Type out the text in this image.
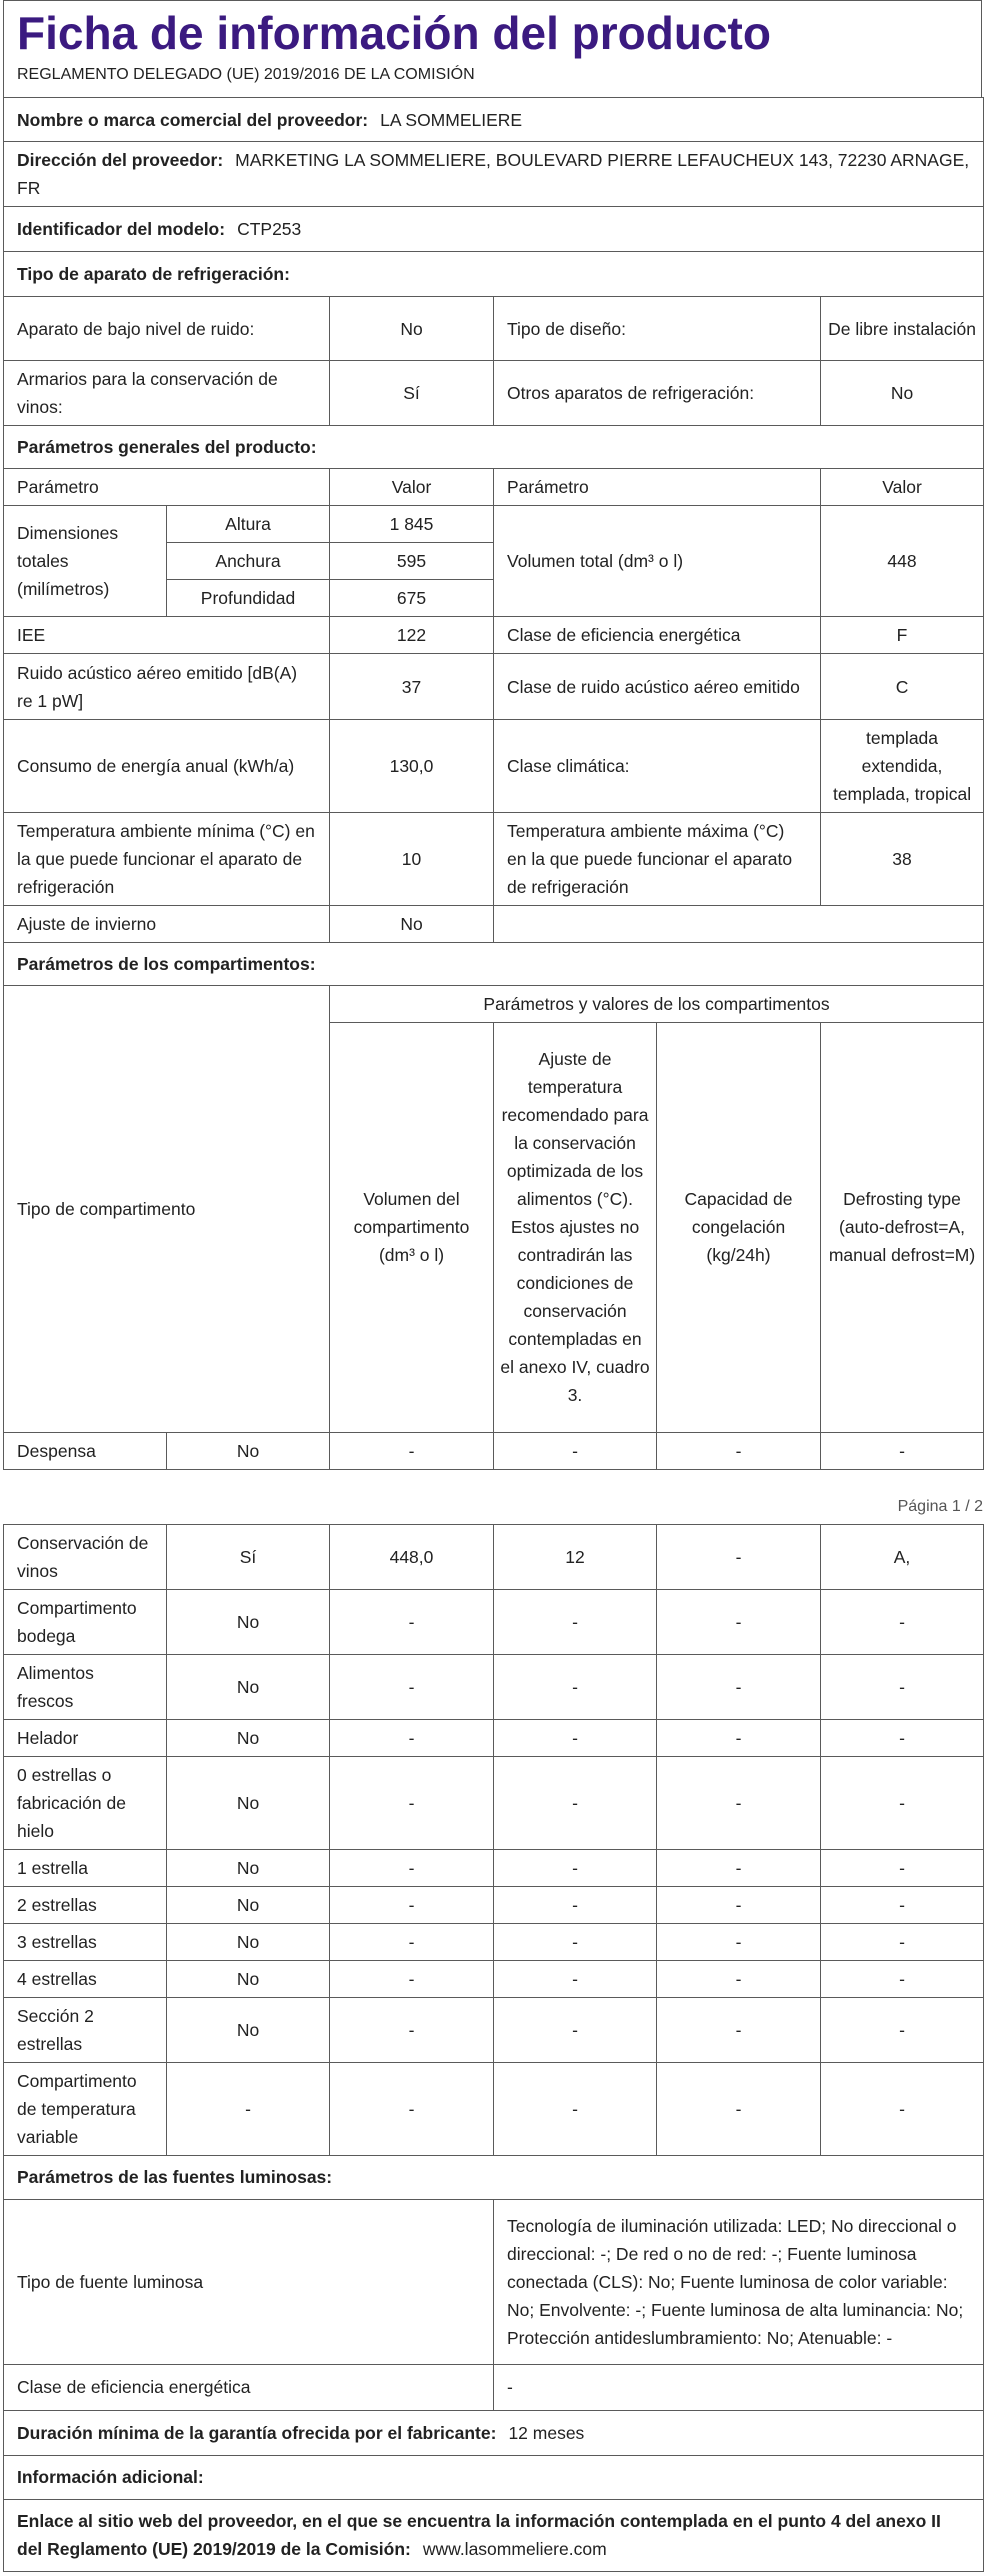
Ficha de información del producto
REGLAMENTO DELEGADO (UE) 2019/2016 DE LA COMISIÓN
Nombre o marca comercial del proveedor: LA SOMMELIERE				
Dirección del proveedor: MARKETING LA SOMMELIERE, BOULEVARD PIERRE LEFAUCHEUX 143, 72230 ARNAGE, FR				
Identificador del modelo: CTP253				
Tipo de aparato de refrigeración:				
Aparato de bajo nivel de ruido:		No	Tipo de diseño:	De libre instalación
Armarios para la conservación de vinos:		Sí	Otros aparatos de refrigeración:	No
Parámetros generales del producto:				
Parámetro		Valor	Parámetro	Valor
Dimensiones totales (milímetros)	Altura	1 845	Volumen total (dm³ o l)	448
	Anchura	595		
	Profundidad	675		
IEE		122	Clase de eficiencia energética	F
Ruido acústico aéreo emitido [dB(A) re 1 pW]		37	Clase de ruido acústico aéreo emitido	C
Consumo de energía anual (kWh/a)		130,0	Clase climática:	templada extendida, templada, tropical
Temperatura ambiente mínima (°C) en la que puede funcionar el aparato de refrigeración		10	Temperatura ambiente máxima (°C) en la que puede funcionar el aparato de refrigeración	38
Ajuste de invierno		No		
Parámetros de los compartimentos:				
Tipo de compartimento		Parámetros y valores de los compartimentos			
		Volumen del compartimento (dm³ o l)	Ajuste de temperatura recomendado para la conservación optimizada de los alimentos (°C). Estos ajustes no contradirán las condiciones de conservación contempladas en el anexo IV, cuadro 3.	Capacidad de congelación (kg/24h)	Defrosting type (auto-defrost=A, manual defrost=M)
Despensa	No	-	-	-	-
Página 1 / 2
Conservación de vinos	Sí	448,0	12	-	A,
Compartimento bodega	No	-	-	-	-
Alimentos frescos	No	-	-	-	-
Helador	No	-	-	-	-
0 estrellas o fabricación de hielo	No	-	-	-	-
1 estrella	No	-	-	-	-
2 estrellas	No	-	-	-	-
3 estrellas	No	-	-	-	-
4 estrellas	No	-	-	-	-
Sección 2 estrellas	No	-	-	-	-
Compartimento de temperatura variable	-	-	-	-	-
Parámetros de las fuentes luminosas:	
Tipo de fuente luminosa	Tecnología de iluminación utilizada: LED; No direccional o direccional: -; De red o no de red: -; Fuente luminosa conectada (CLS): No; Fuente luminosa de color variable: No; Envolvente: -; Fuente luminosa de alta luminancia: No; Protección antideslumbramiento: No; Atenuable: -
Clase de eficiencia energética	-
Duración mínima de la garantía ofrecida por el fabricante: 12 meses	
Información adicional:	
Enlace al sitio web del proveedor, en el que se encuentra la información contemplada en el punto 4 del anexo II del Reglamento (UE) 2019/2019 de la Comisión: www.lasommeliere.com	
